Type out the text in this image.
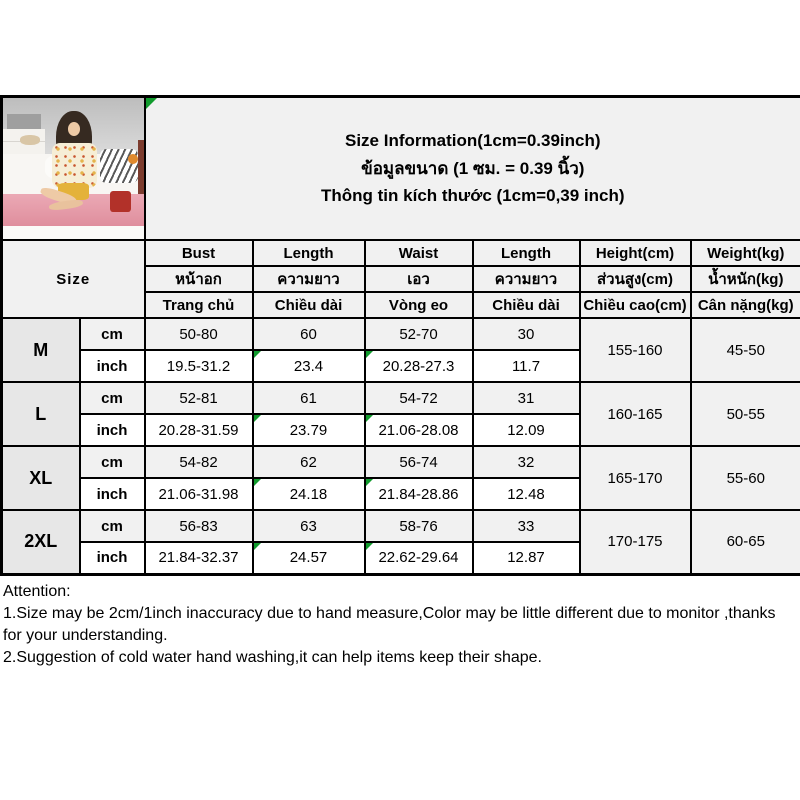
		Size Information(1cm=0.39inch)
ข้อมูลขนาด (1 ซม. = 0.39 นิ้ว)
Thông tin kích thước (1cm=0,39 inch)					

Size		Bust	Length	Waist	Length	Height(cm)	Weight(kg)
		หน้าอก	ความยาว	เอว	ความยาว	ส่วนสูง(cm)	น้ำหนัก(kg)
		Trang chủ	Chiều dài	Vòng eo	Chiều dài	Chiều cao(cm)	Cân nặng(kg)
M	cm	50-80	60	52-70	30	155-160	45-50
	inch	19.5-31.2	23.4	20.28-27.3	11.7		
L	cm	52-81	61	54-72	31	160-165	50-55
	inch	20.28-31.59	23.79	21.06-28.08	12.09		
XL	cm	54-82	62	56-74	32	165-170	55-60
	inch	21.06-31.98	24.18	21.84-28.86	12.48		
2XL	cm	56-83	63	58-76	33	170-175	60-65
	inch	21.84-32.37	24.57	22.62-29.64	12.87		
Attention:
1.Size may be 2cm/1inch inaccuracy due to hand measure,Color may be little different due to monitor ,thanks for your understanding.
2.Suggestion of cold water hand washing,it can help items keep their shape.
